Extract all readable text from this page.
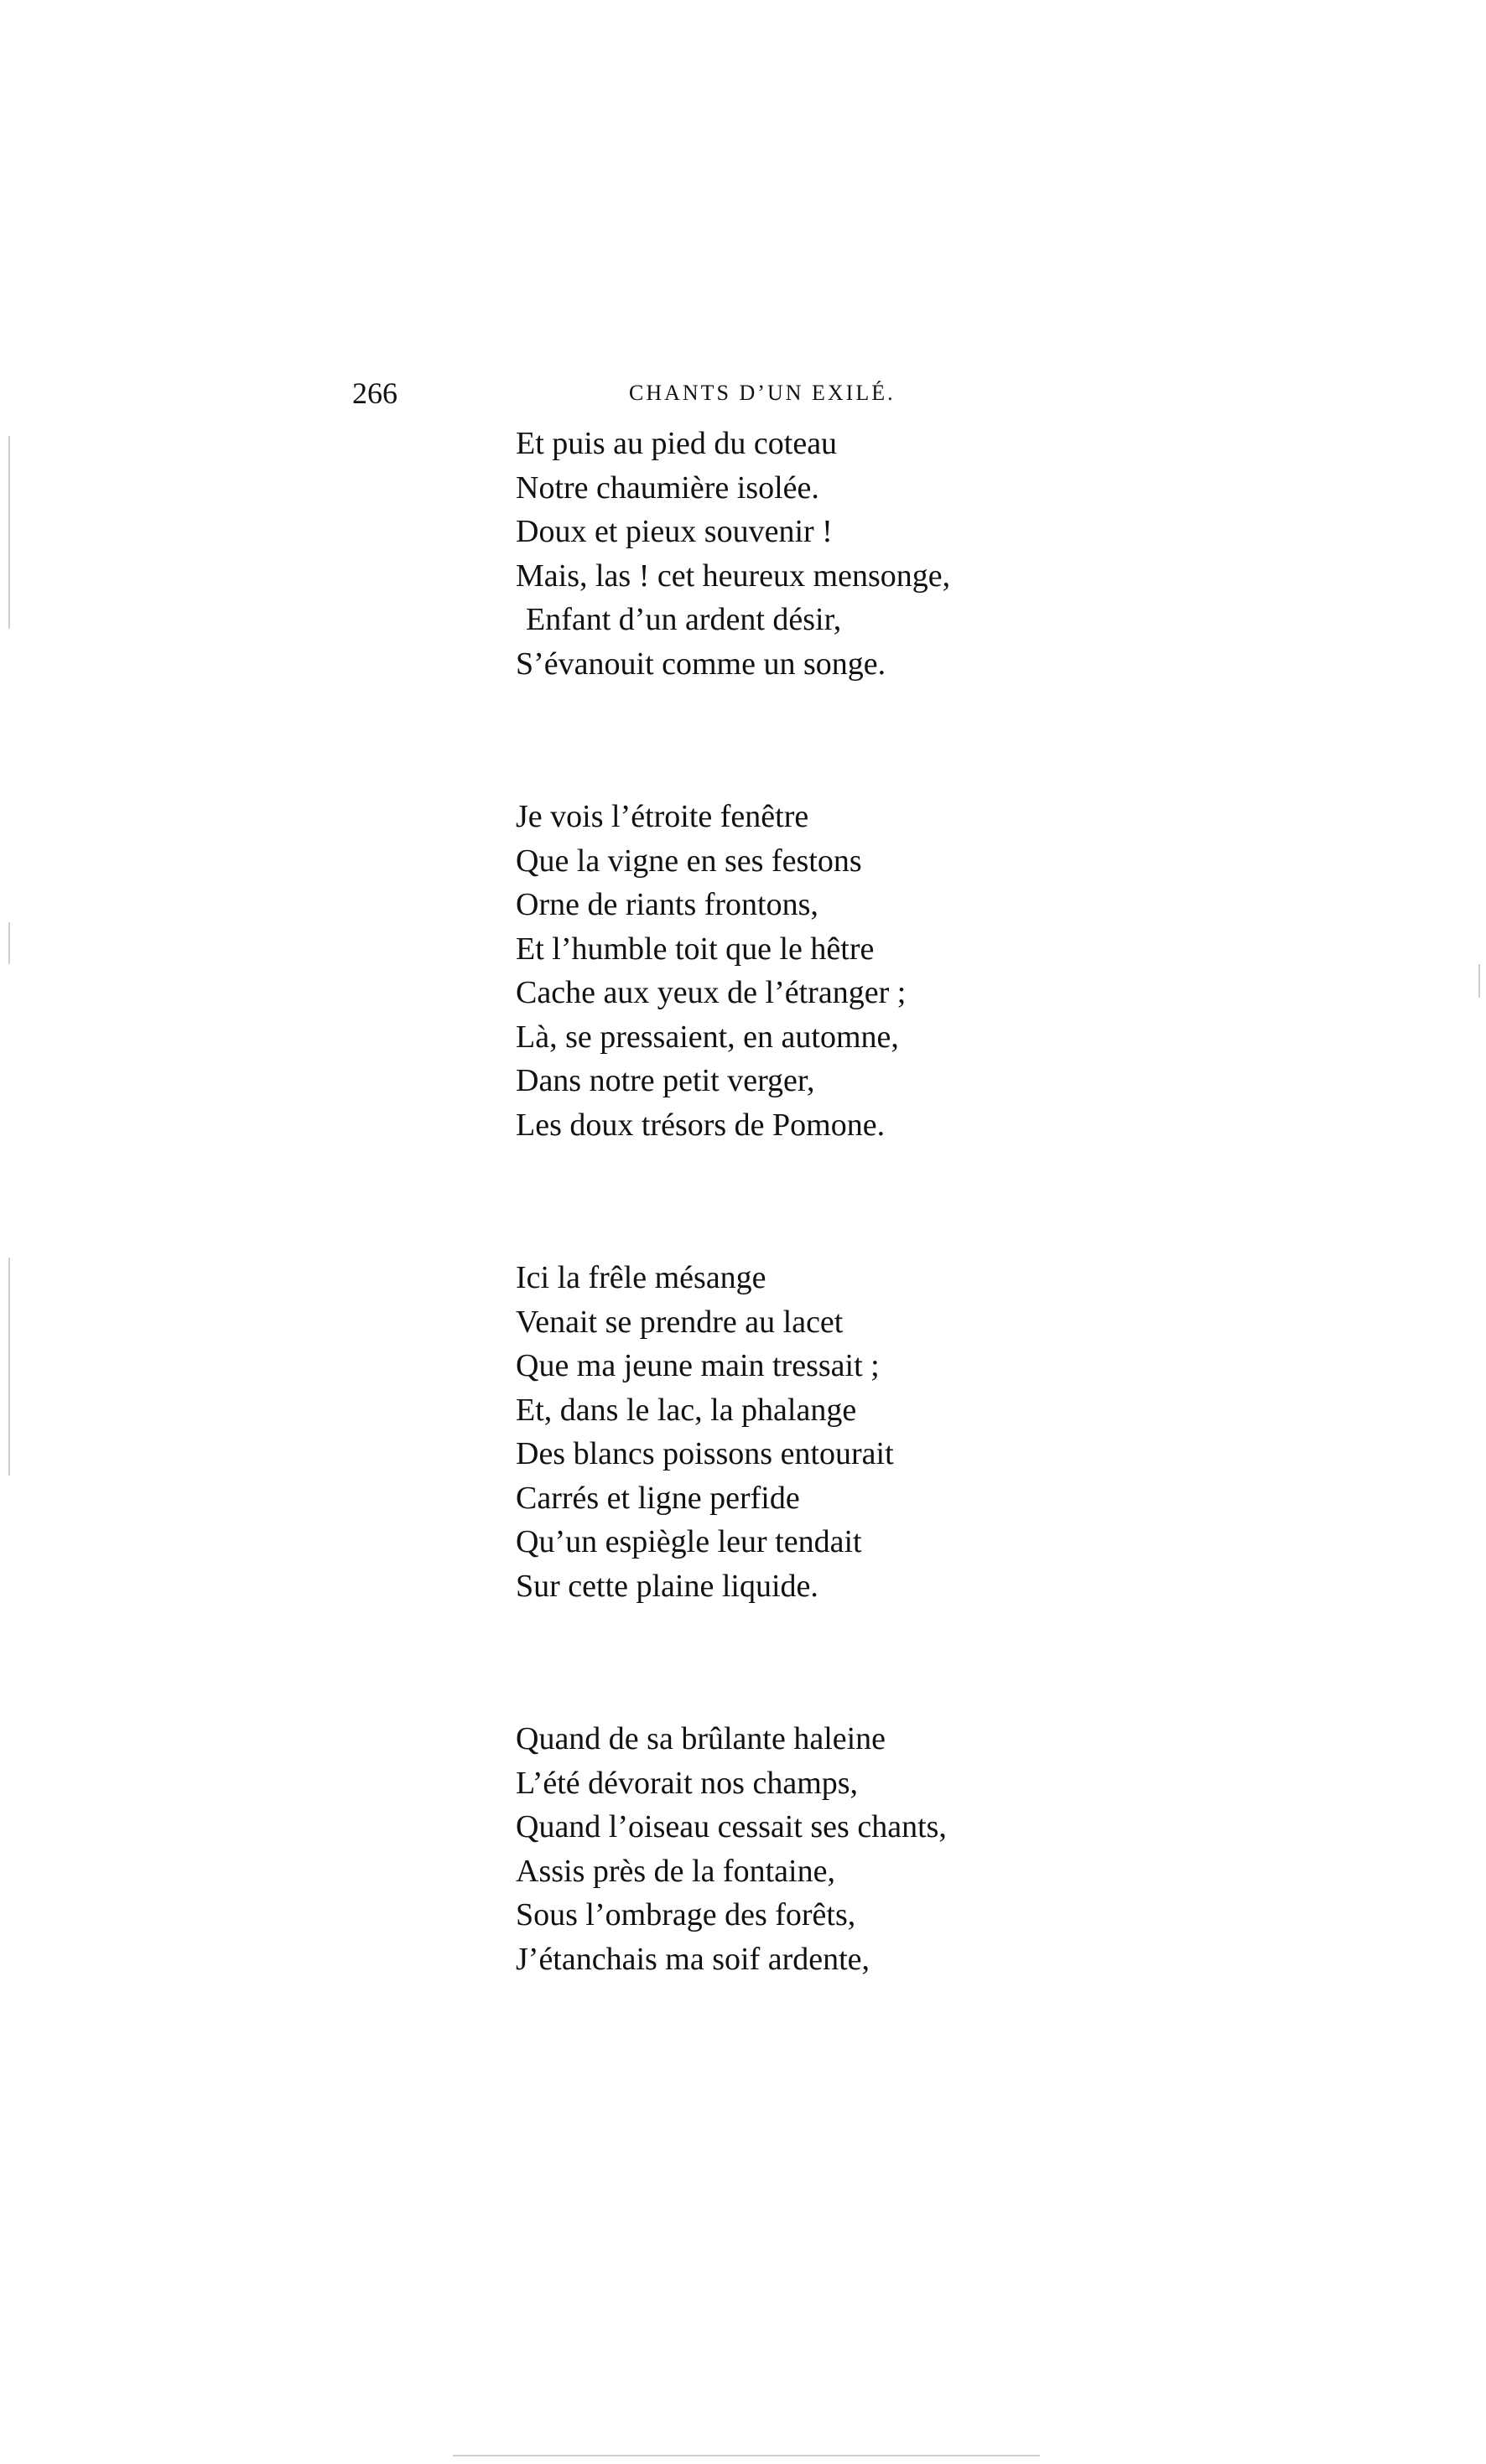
266	CHANTS D’UN EXILÉ.
Et puis au pied du coteau
Notre chaumière isolée.
Doux et pieux souvenir !
Mais, las ! cet heureux mensonge,
Enfant d’un ardent désir,
S’évanouit comme un songe.
Je vois l’étroite fenêtre
Que la vigne en ses festons
Orne de riants frontons,
Et l’humble toit que le hêtre
Cache aux yeux de l’étranger ;
Là, se pressaient, en automne,
Dans notre petit verger,
Les doux trésors de Pomone.
Ici la frêle mésange
Venait se prendre au lacet
Que ma jeune main tressait ;
Et, dans le lac, la phalange
Des blancs poissons entourait
Carrés et ligne perfide
Qu’un espiègle leur tendait
Sur cette plaine liquide.
Quand de sa brûlante haleine
L’été dévorait nos champs,
Quand l’oiseau cessait ses chants,
Assis près de la fontaine,
Sous l’ombrage des forêts,
J’étanchais ma soif ardente,
